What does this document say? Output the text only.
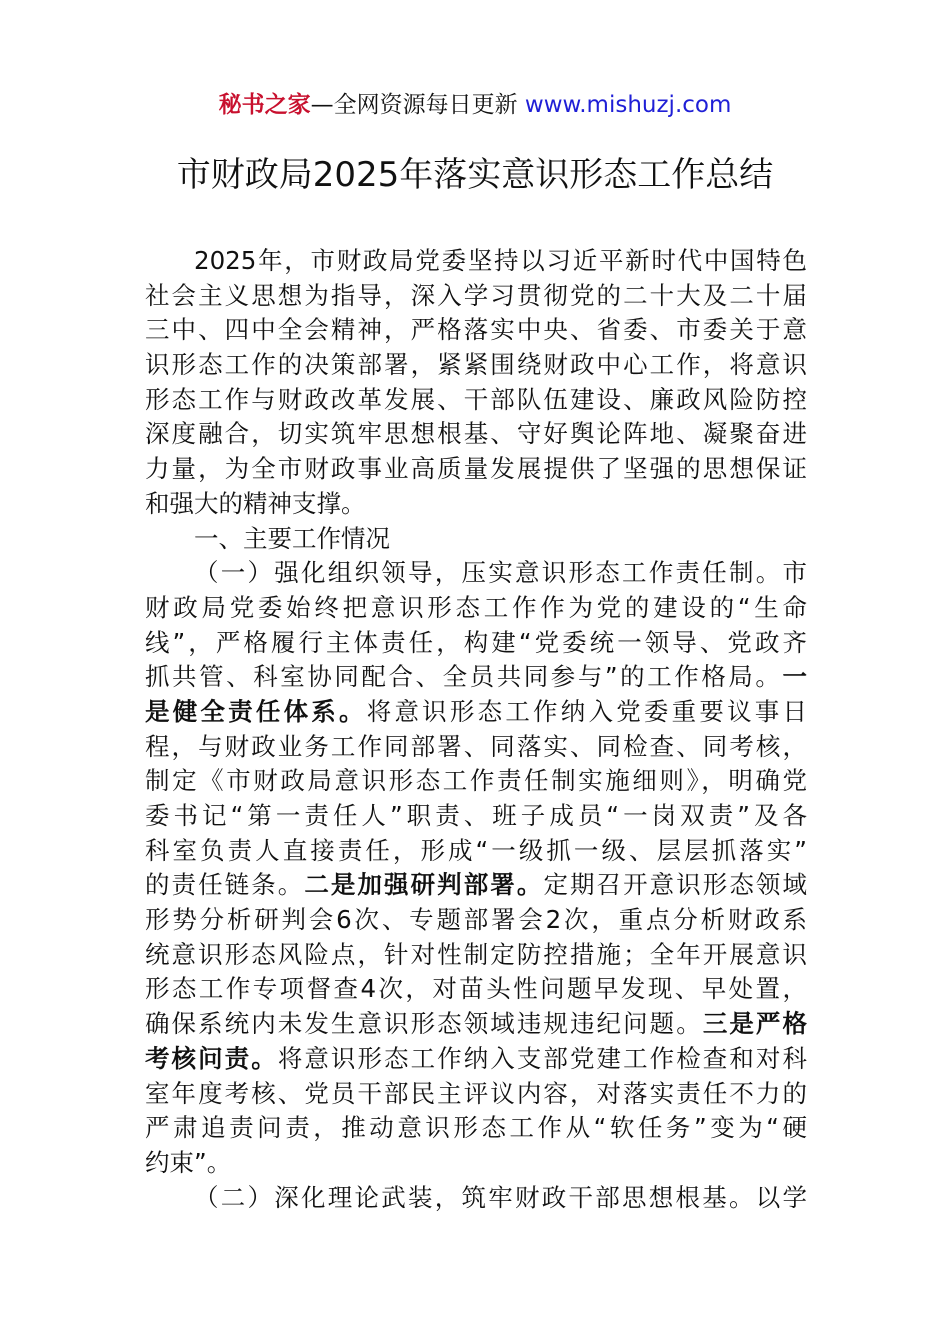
秘书之家—全网资源每日更新 www.mishuzj.com
市财政局2025年落实意识形态工作总结
2025年，市财政局党委坚持以习近平新时代中国特色
社会主义思想为指导，深入学习贯彻党的二十大及二十届
三中、四中全会精神，严格落实中央、省委、市委关于意
识形态工作的决策部署，紧紧围绕财政中心工作，将意识
形态工作与财政改革发展、干部队伍建设、廉政风险防控
深度融合，切实筑牢思想根基、守好舆论阵地、凝聚奋进
力量，为全市财政事业高质量发展提供了坚强的思想保证
和强大的精神支撑。
一、主要工作情况
（一）强化组织领导，压实意识形态工作责任制。市
财政局党委始终把意识形态工作作为党的建设的“生命
线”，严格履行主体责任，构建“党委统一领导、党政齐
抓共管、科室协同配合、全员共同参与”的工作格局。一
是健全责任体系。将意识形态工作纳入党委重要议事日
程，与财政业务工作同部署、同落实、同检查、同考核，
制定《市财政局意识形态工作责任制实施细则》，明确党
委书记“第一责任人”职责、班子成员“一岗双责”及各
科室负责人直接责任，形成“一级抓一级、层层抓落实”
的责任链条。二是加强研判部署。定期召开意识形态领域
形势分析研判会6次、专题部署会2次，重点分析财政系
统意识形态风险点，针对性制定防控措施；全年开展意识
形态工作专项督查4次，对苗头性问题早发现、早处置，
确保系统内未发生意识形态领域违规违纪问题。三是严格
考核问责。将意识形态工作纳入支部党建工作检查和对科
室年度考核、党员干部民主评议内容，对落实责任不力的
严肃追责问责，推动意识形态工作从“软任务”变为“硬
约束”。
（二）深化理论武装，筑牢财政干部思想根基。以学
